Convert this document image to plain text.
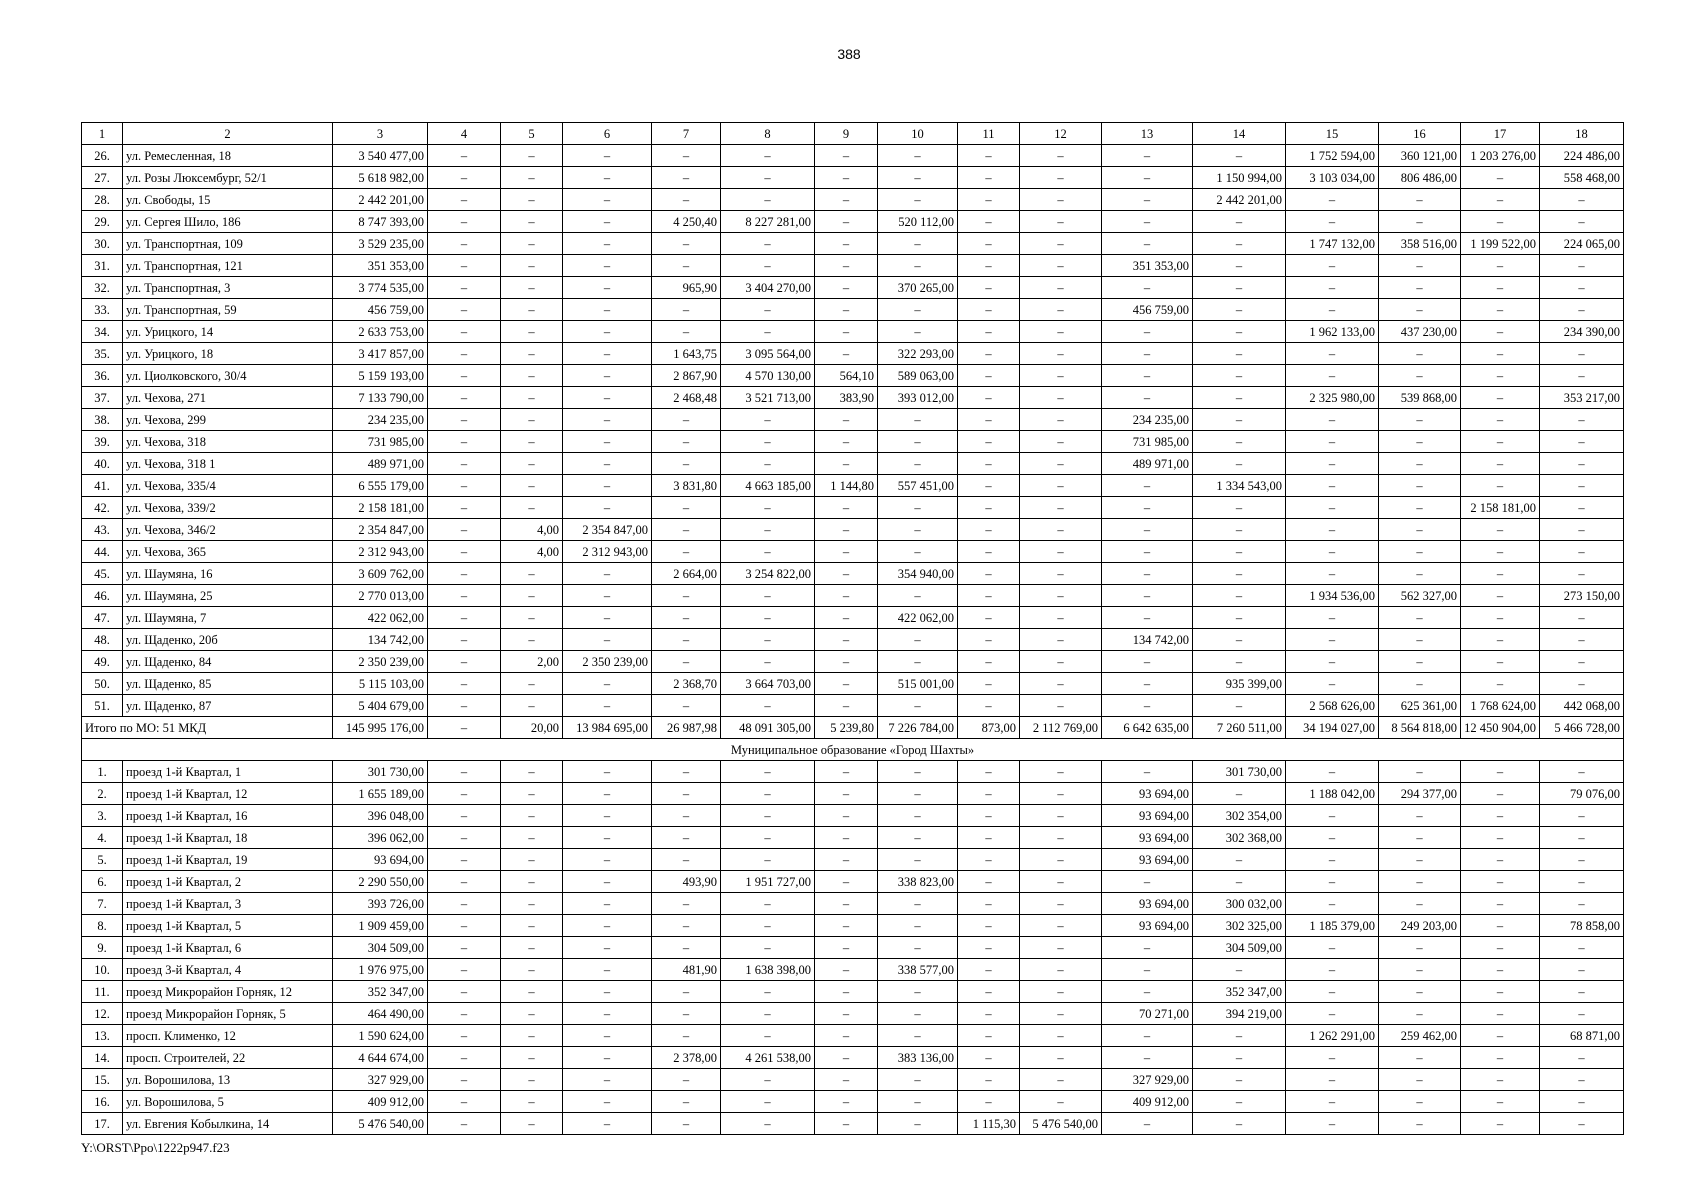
388
1	2	3	4	5	6	7	8	9	10	11	12	13	14	15	16	17	18
26.	ул. Ремесленная, 18	3 540 477,00	–	–	–	–	–	–	–	–	–	–	–	1 752 594,00	360 121,00	1 203 276,00	224 486,00
27.	ул. Розы Люксембург, 52/1	5 618 982,00	–	–	–	–	–	–	–	–	–	–	1 150 994,00	3 103 034,00	806 486,00	–	558 468,00
28.	ул. Свободы, 15	2 442 201,00	–	–	–	–	–	–	–	–	–	–	2 442 201,00	–	–	–	–
29.	ул. Сергея Шило, 186	8 747 393,00	–	–	–	4 250,40	8 227 281,00	–	520 112,00	–	–	–	–	–	–	–	–
30.	ул. Транспортная, 109	3 529 235,00	–	–	–	–	–	–	–	–	–	–	–	1 747 132,00	358 516,00	1 199 522,00	224 065,00
31.	ул. Транспортная, 121	351 353,00	–	–	–	–	–	–	–	–	–	351 353,00	–	–	–	–	–
32.	ул. Транспортная, 3	3 774 535,00	–	–	–	965,90	3 404 270,00	–	370 265,00	–	–	–	–	–	–	–	–
33.	ул. Транспортная, 59	456 759,00	–	–	–	–	–	–	–	–	–	456 759,00	–	–	–	–	–
34.	ул. Урицкого, 14	2 633 753,00	–	–	–	–	–	–	–	–	–	–	–	1 962 133,00	437 230,00	–	234 390,00
35.	ул. Урицкого, 18	3 417 857,00	–	–	–	1 643,75	3 095 564,00	–	322 293,00	–	–	–	–	–	–	–	–
36.	ул. Циолковского, 30/4	5 159 193,00	–	–	–	2 867,90	4 570 130,00	564,10	589 063,00	–	–	–	–	–	–	–	–
37.	ул. Чехова, 271	7 133 790,00	–	–	–	2 468,48	3 521 713,00	383,90	393 012,00	–	–	–	–	2 325 980,00	539 868,00	–	353 217,00
38.	ул. Чехова, 299	234 235,00	–	–	–	–	–	–	–	–	–	234 235,00	–	–	–	–	–
39.	ул. Чехова, 318	731 985,00	–	–	–	–	–	–	–	–	–	731 985,00	–	–	–	–	–
40.	ул. Чехова, 318 1	489 971,00	–	–	–	–	–	–	–	–	–	489 971,00	–	–	–	–	–
41.	ул. Чехова, 335/4	6 555 179,00	–	–	–	3 831,80	4 663 185,00	1 144,80	557 451,00	–	–	–	1 334 543,00	–	–	–	–
42.	ул. Чехова, 339/2	2 158 181,00	–	–	–	–	–	–	–	–	–	–	–	–	–	2 158 181,00	–
43.	ул. Чехова, 346/2	2 354 847,00	–	4,00	2 354 847,00	–	–	–	–	–	–	–	–	–	–	–	–
44.	ул. Чехова, 365	2 312 943,00	–	4,00	2 312 943,00	–	–	–	–	–	–	–	–	–	–	–	–
45.	ул. Шаумяна, 16	3 609 762,00	–	–	–	2 664,00	3 254 822,00	–	354 940,00	–	–	–	–	–	–	–	–
46.	ул. Шаумяна, 25	2 770 013,00	–	–	–	–	–	–	–	–	–	–	–	1 934 536,00	562 327,00	–	273 150,00
47.	ул. Шаумяна, 7	422 062,00	–	–	–	–	–	–	422 062,00	–	–	–	–	–	–	–	–
48.	ул. Щаденко, 20б	134 742,00	–	–	–	–	–	–	–	–	–	134 742,00	–	–	–	–	–
49.	ул. Щаденко, 84	2 350 239,00	–	2,00	2 350 239,00	–	–	–	–	–	–	–	–	–	–	–	–
50.	ул. Щаденко, 85	5 115 103,00	–	–	–	2 368,70	3 664 703,00	–	515 001,00	–	–	–	935 399,00	–	–	–	–
51.	ул. Щаденко, 87	5 404 679,00	–	–	–	–	–	–	–	–	–	–	–	2 568 626,00	625 361,00	1 768 624,00	442 068,00
Итого по МО: 51 МКД		145 995 176,00	–	20,00	13 984 695,00	26 987,98	48 091 305,00	5 239,80	7 226 784,00	873,00	2 112 769,00	6 642 635,00	7 260 511,00	34 194 027,00	8 564 818,00	12 450 904,00	5 466 728,00
Муниципальное образование «Город Шахты»																	
1.	проезд 1-й Квартал, 1	301 730,00	–	–	–	–	–	–	–	–	–	–	301 730,00	–	–	–	–
2.	проезд 1-й Квартал, 12	1 655 189,00	–	–	–	–	–	–	–	–	–	93 694,00	–	1 188 042,00	294 377,00	–	79 076,00
3.	проезд 1-й Квартал, 16	396 048,00	–	–	–	–	–	–	–	–	–	93 694,00	302 354,00	–	–	–	–
4.	проезд 1-й Квартал, 18	396 062,00	–	–	–	–	–	–	–	–	–	93 694,00	302 368,00	–	–	–	–
5.	проезд 1-й Квартал, 19	93 694,00	–	–	–	–	–	–	–	–	–	93 694,00	–	–	–	–	–
6.	проезд 1-й Квартал, 2	2 290 550,00	–	–	–	493,90	1 951 727,00	–	338 823,00	–	–	–	–	–	–	–	–
7.	проезд 1-й Квартал, 3	393 726,00	–	–	–	–	–	–	–	–	–	93 694,00	300 032,00	–	–	–	–
8.	проезд 1-й Квартал, 5	1 909 459,00	–	–	–	–	–	–	–	–	–	93 694,00	302 325,00	1 185 379,00	249 203,00	–	78 858,00
9.	проезд 1-й Квартал, 6	304 509,00	–	–	–	–	–	–	–	–	–	–	304 509,00	–	–	–	–
10.	проезд 3-й Квартал, 4	1 976 975,00	–	–	–	481,90	1 638 398,00	–	338 577,00	–	–	–	–	–	–	–	–
11.	проезд Микрорайон Горняк, 12	352 347,00	–	–	–	–	–	–	–	–	–	–	352 347,00	–	–	–	–
12.	проезд Микрорайон Горняк, 5	464 490,00	–	–	–	–	–	–	–	–	–	70 271,00	394 219,00	–	–	–	–
13.	просп. Клименко, 12	1 590 624,00	–	–	–	–	–	–	–	–	–	–	–	1 262 291,00	259 462,00	–	68 871,00
14.	просп. Строителей, 22	4 644 674,00	–	–	–	2 378,00	4 261 538,00	–	383 136,00	–	–	–	–	–	–	–	–
15.	ул. Ворошилова, 13	327 929,00	–	–	–	–	–	–	–	–	–	327 929,00	–	–	–	–	–
16.	ул. Ворошилова, 5	409 912,00	–	–	–	–	–	–	–	–	–	409 912,00	–	–	–	–	–
17.	ул. Евгения Кобылкина, 14	5 476 540,00	–	–	–	–	–	–	–	1 115,30	5 476 540,00	–	–	–	–	–	–
Y:\ORST\Ppo\1222p947.f23
